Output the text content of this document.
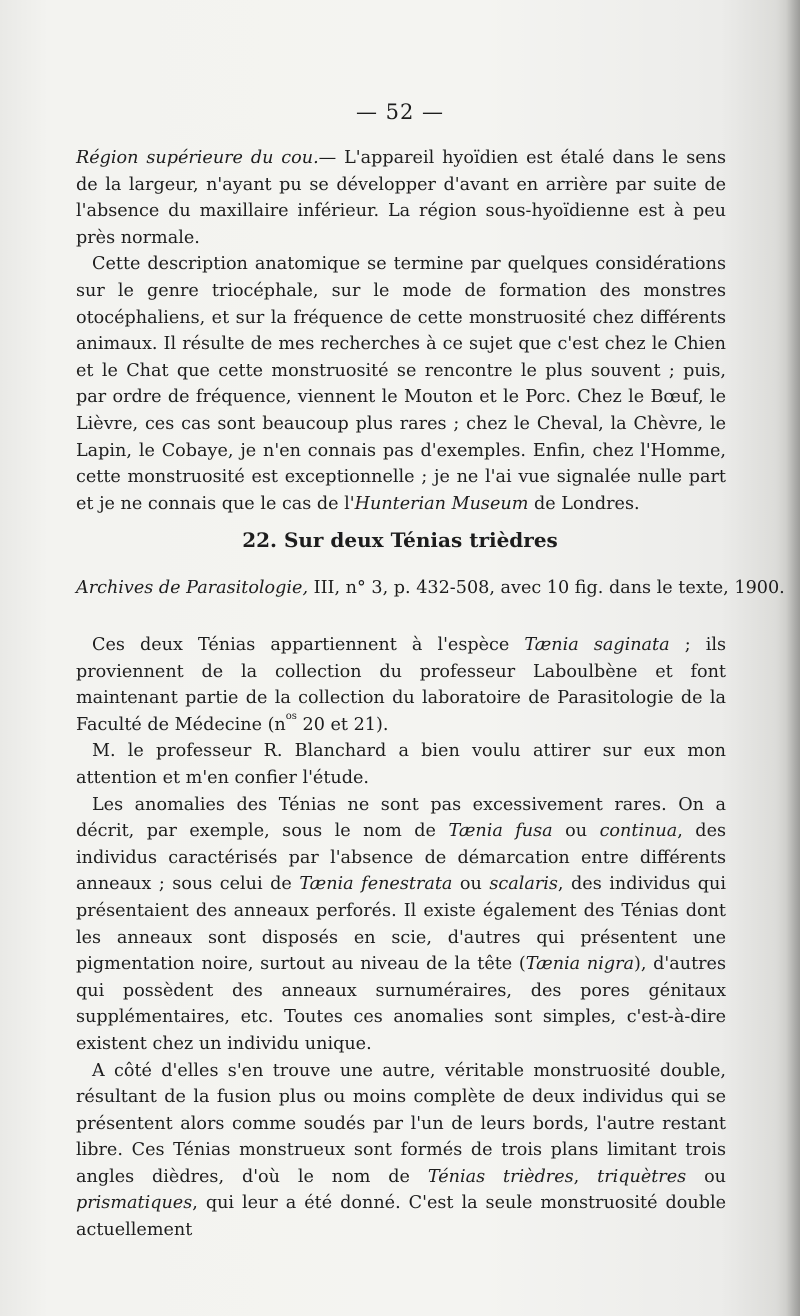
— 52 —

Région supérieure du cou.— L'appareil hyoïdien est étalé dans le sens de la largeur, n'ayant pu se développer d'avant en arrière par suite de l'absence du maxillaire inférieur. La région sous-hyoïdienne est à peu près normale.

Cette description anatomique se termine par quelques considérations sur le genre triocéphale, sur le mode de formation des monstres otocéphaliens, et sur la fréquence de cette monstruosité chez différents animaux. Il résulte de mes recherches à ce sujet que c'est chez le Chien et le Chat que cette monstruosité se rencontre le plus souvent ; puis, par ordre de fréquence, viennent le Mouton et le Porc. Chez le Bœuf, le Lièvre, ces cas sont beaucoup plus rares ; chez le Cheval, la Chèvre, le Lapin, le Cobaye, je n'en connais pas d'exemples. Enfin, chez l'Homme, cette monstruosité est exceptionnelle ; je ne l'ai vue signalée nulle part et je ne connais que le cas de l'Hunterian Museum de Londres.

22. Sur deux Ténias trièdres
Archives de Parasitologie, III, n° 3, p. 432-508, avec 10 fig. dans le texte, 1900.

Ces deux Ténias appartiennent à l'espèce Tænia saginata ; ils proviennent de la collection du professeur Laboulbène et font maintenant partie de la collection du laboratoire de Parasitologie de la Faculté de Médecine ($n^{os}$ 20 et 21).

M. le professeur R. Blanchard a bien voulu attirer sur eux mon attention et m'en confier l'étude.

Les anomalies des Ténias ne sont pas excessivement rares. On a décrit, par exemple, sous le nom de Tænia fusa ou continua, des individus caractérisés par l'absence de démarcation entre différents anneaux ; sous celui de Tænia fenestrata ou scalaris, des individus qui présentaient des anneaux perforés. Il existe également des Ténias dont les anneaux sont disposés en scie, d'autres qui présentent une pigmentation noire, surtout au niveau de la tête (Tænia nigra), d'autres qui possèdent des anneaux surnuméraires, des pores génitaux supplémentaires, etc. Toutes ces anomalies sont simples, c'est-à-dire existent chez un individu unique.

A côté d'elles s'en trouve une autre, véritable monstruosité double, résultant de la fusion plus ou moins complète de deux individus qui se présentent alors comme soudés par l'un de leurs bords, l'autre restant libre. Ces Ténias monstrueux sont formés de trois plans limitant trois angles dièdres, d'où le nom de Ténias trièdres, triquètres ou prismatiques, qui leur a été donné. C'est la seule monstruosité double actuellement
